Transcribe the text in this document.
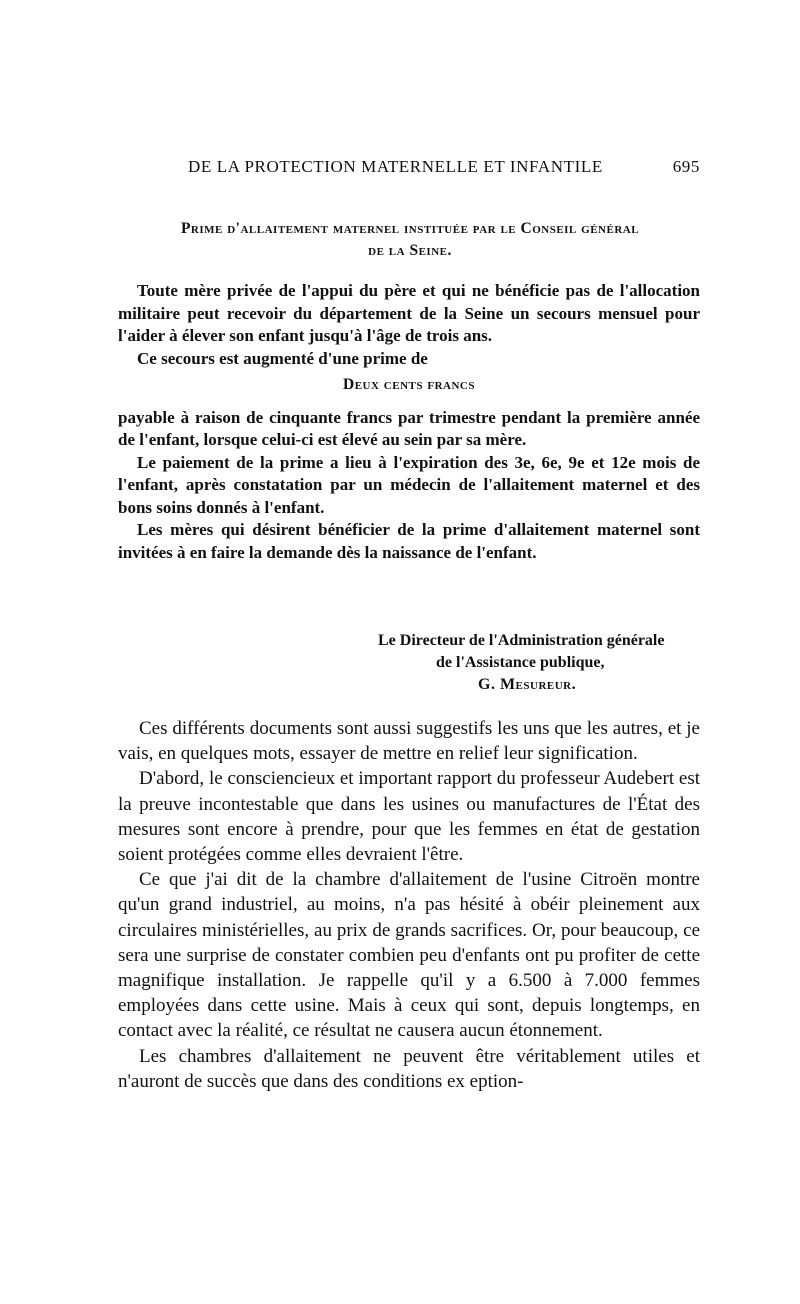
DE LA PROTECTION MATERNELLE ET INFANTILE	695
Prime d'allaitement maternel instituée par le Conseil général
de la Seine.

Toute mère privée de l'appui du père et qui ne bénéficie pas de l'allocation militaire peut recevoir du département de la Seine un secours mensuel pour l'aider à élever son enfant jusqu'à l'âge de trois ans.

Ce secours est augmenté d'une prime de

Deux cents francs

payable à raison de cinquante francs par trimestre pendant la première année de l'enfant, lorsque celui-ci est élevé au sein par sa mère.

Le paiement de la prime a lieu à l'expiration des 3e, 6e, 9e et 12e mois de l'enfant, après constatation par un médecin de l'allaitement maternel et des bons soins donnés à l'enfant.

Les mères qui désirent bénéficier de la prime d'allaitement maternel sont invitées à en faire la demande dès la naissance de l'enfant.

Le Directeur de l'Administration générale
de l'Assistance publique,
G. Mesureur.

Ces différents documents sont aussi suggestifs les uns que les autres, et je vais, en quelques mots, essayer de mettre en relief leur signification.

D'abord, le consciencieux et important rapport du professeur Audebert est la preuve incontestable que dans les usines ou manufactures de l'État des mesures sont encore à prendre, pour que les femmes en état de gestation soient protégées comme elles devraient l'être.

Ce que j'ai dit de la chambre d'allaitement de l'usine Citroën montre qu'un grand industriel, au moins, n'a pas hésité à obéir pleinement aux circulaires ministérielles, au prix de grands sacrifices. Or, pour beaucoup, ce sera une surprise de constater combien peu d'enfants ont pu profiter de cette magnifique installation. Je rappelle qu'il y a 6.500 à 7.000 femmes employées dans cette usine. Mais à ceux qui sont, depuis longtemps, en contact avec la réalité, ce résultat ne causera aucun étonnement.

Les chambres d'allaitement ne peuvent être véritablement utiles et n'auront de succès que dans des conditions ex eption-
